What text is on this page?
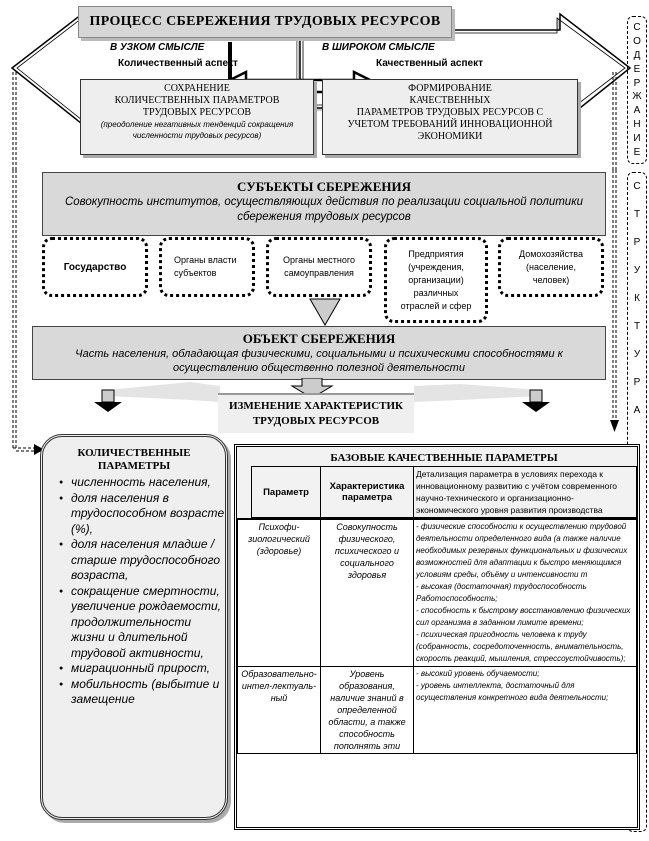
ПРОЦЕСС СБЕРЕЖЕНИЯ ТРУДОВЫХ РЕСУРСОВ
В УЗКОМ СМЫСЛЕ
Количественный аспект
В ШИРОКОМ СМЫСЛЕ
Качественный аспект
СОХРАНЕНИЕ
КОЛИЧЕСТВЕННЫХ ПАРАМЕТРОВ
ТРУДОВЫХ РЕСУРСОВ
(преодоление негативных тенденций сокращения численности трудовых ресурсов)
ФОРМИРОВАНИЕ
КАЧЕСТВЕННЫХ
ПАРАМЕТРОВ ТРУДОВЫХ РЕСУРСОВ С
УЧЕТОМ ТРЕБОВАНИЙ ИННОВАЦИОННОЙ
ЭКОНОМИКИ
С
О
Д
Е
Р
Ж
А
Н
И
Е
С
Т
Р
У
К
Т
У
Р
А
СУБЪЕКТЫ СБЕРЕЖЕНИЯ
Совокупность институтов, осуществляющих действия по реализации социальной политики сбережения трудовых ресурсов
Государство
Органы власти субъектов
Органы местного самоуправления
Предприятия (учреждения, организации) различных отраслей и сфер
Домохозяйства (население, человек)
ОБЪЕКТ СБЕРЕЖЕНИЯ
Часть населения, обладающая физическими, социальными и психическими способностями к осуществлению общественно полезной деятельности
ИЗМЕНЕНИЕ ХАРАКТЕРИСТИК
ТРУДОВЫХ РЕСУРСОВ
КОЛИЧЕСТВЕННЫЕ ПАРАМЕТРЫ
● численность населения,
● доля населения в трудоспособном возрасте (%),
● доля населения младше / старше трудоспособного возраста,
● сокращение смертности, увеличение рождаемости, продолжительности жизни и длительной трудовой активности,
● миграционный прирост,
● мобильность (выбытие и замещение
БАЗОВЫЕ КАЧЕСТВЕННЫЕ ПАРАМЕТРЫ
Параметр	Характеристика параметра	Детализация параметра в условиях перехода к инновационному развитию с учётом современного научно-технического и организационно-экономического уровня развития производства
Психофи-зиологический (здоровье)	Совокупность физического, психического и социального здоровья	- физические способности к осуществлению трудовой деятельности определенного вида (а также наличие необходимых резервных функциональных и физических возможностей для адаптации к быстро меняющимся условиям среды, объёму и интенсивности т
- высокая (достаточная) трудоспособность Работоспособность;
- способность к быстрому восстановлению физических сил организма в заданном лимите времени;
- психическая пригодность человека к труду (собранность, сосредоточенность, внимательность, скорость реакций, мышления, стрессоустойчивость);

Образовательно-интел-лектуаль-ный	Уровень образования, наличие знаний в определенной области, а также способность пополнять эти	- высокий уровень обучаемости;
- уровень интеллекта, достаточный для осуществления конкретного вида деятельности;
